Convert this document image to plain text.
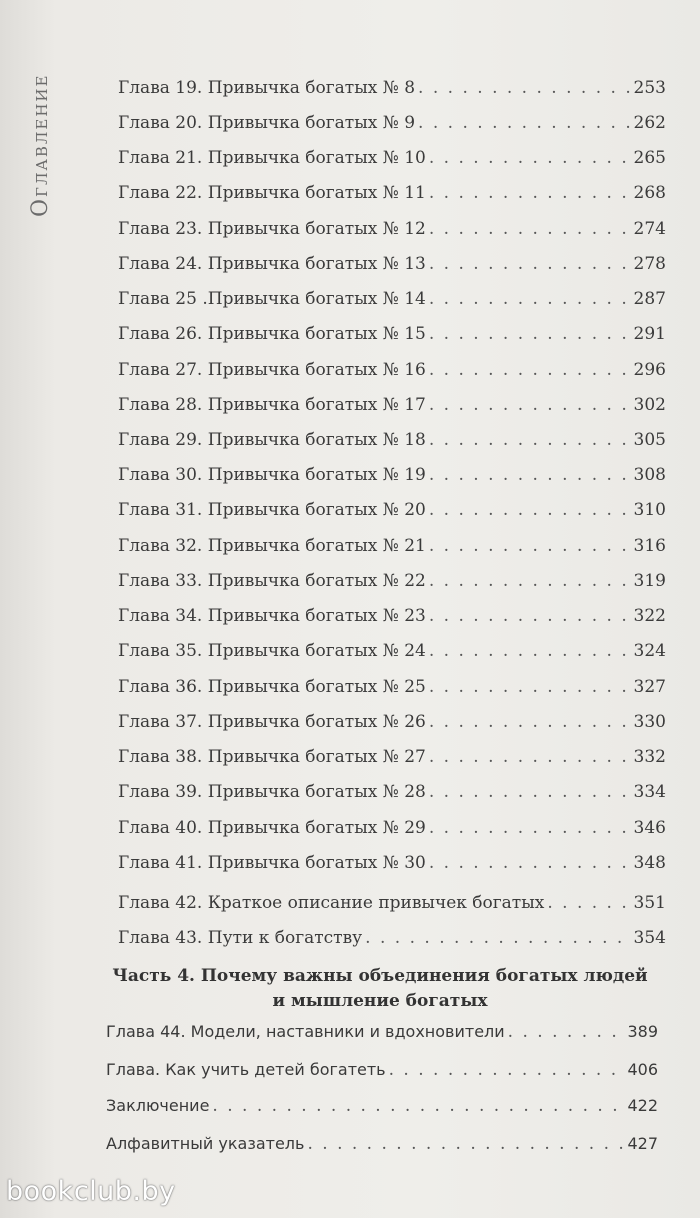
Оглавление	Глава 19. Привычка богатых № 8 . . .	253
Глава 20. Привычка богатых № 9 . . .	262
Глава 21. Привычка богатых № 10 . . .	265
Глава 22. Привычка богатых № 11 . . .	268
Глава 23. Привычка богатых № 12 . . .	274
Глава 24. Привычка богатых № 13 . . .	278
Глава 25 .Привычка богатых № 14 . . .	287
Глава 26. Привычка богатых № 15 . . .	291
Глава 27. Привычка богатых № 16 . . .	296
Глава 28. Привычка богатых № 17 . . .	302
Глава 29. Привычка богатых № 18 . . .	305
Глава 30. Привычка богатых № 19 . . .	308
Глава 31. Привычка богатых № 20 . . .	310
Глава 32. Привычка богатых № 21 . . .	316
Глава 33. Привычка богатых № 22 . . .	319
Глава 34. Привычка богатых № 23 . . .	322
Глава 35. Привычка богатых № 24 . . .	324
Глава 36. Привычка богатых № 25 . . .	327
Глава 37. Привычка богатых № 26 . . .	330
Глава 38. Привычка богатых № 27 . . .	332
Глава 39. Привычка богатых № 28 . . .	334
Глава 40. Привычка богатых № 29 . . .	346
Глава 41. Привычка богатых № 30 . . .	348
Глава 42. Краткое описание привычек богатых . . .	351
Глава 43. Пути к богатству . . .	354
Часть 4. Почему важны объединения богатых людей
и мышление богатых
Глава 44. Модели, наставники и вдохновители . . .	389
Глава. Как учить детей богатеть . . .	406
Заключение . . .	422
Алфавитный указатель . . .	427
bookclub.by
